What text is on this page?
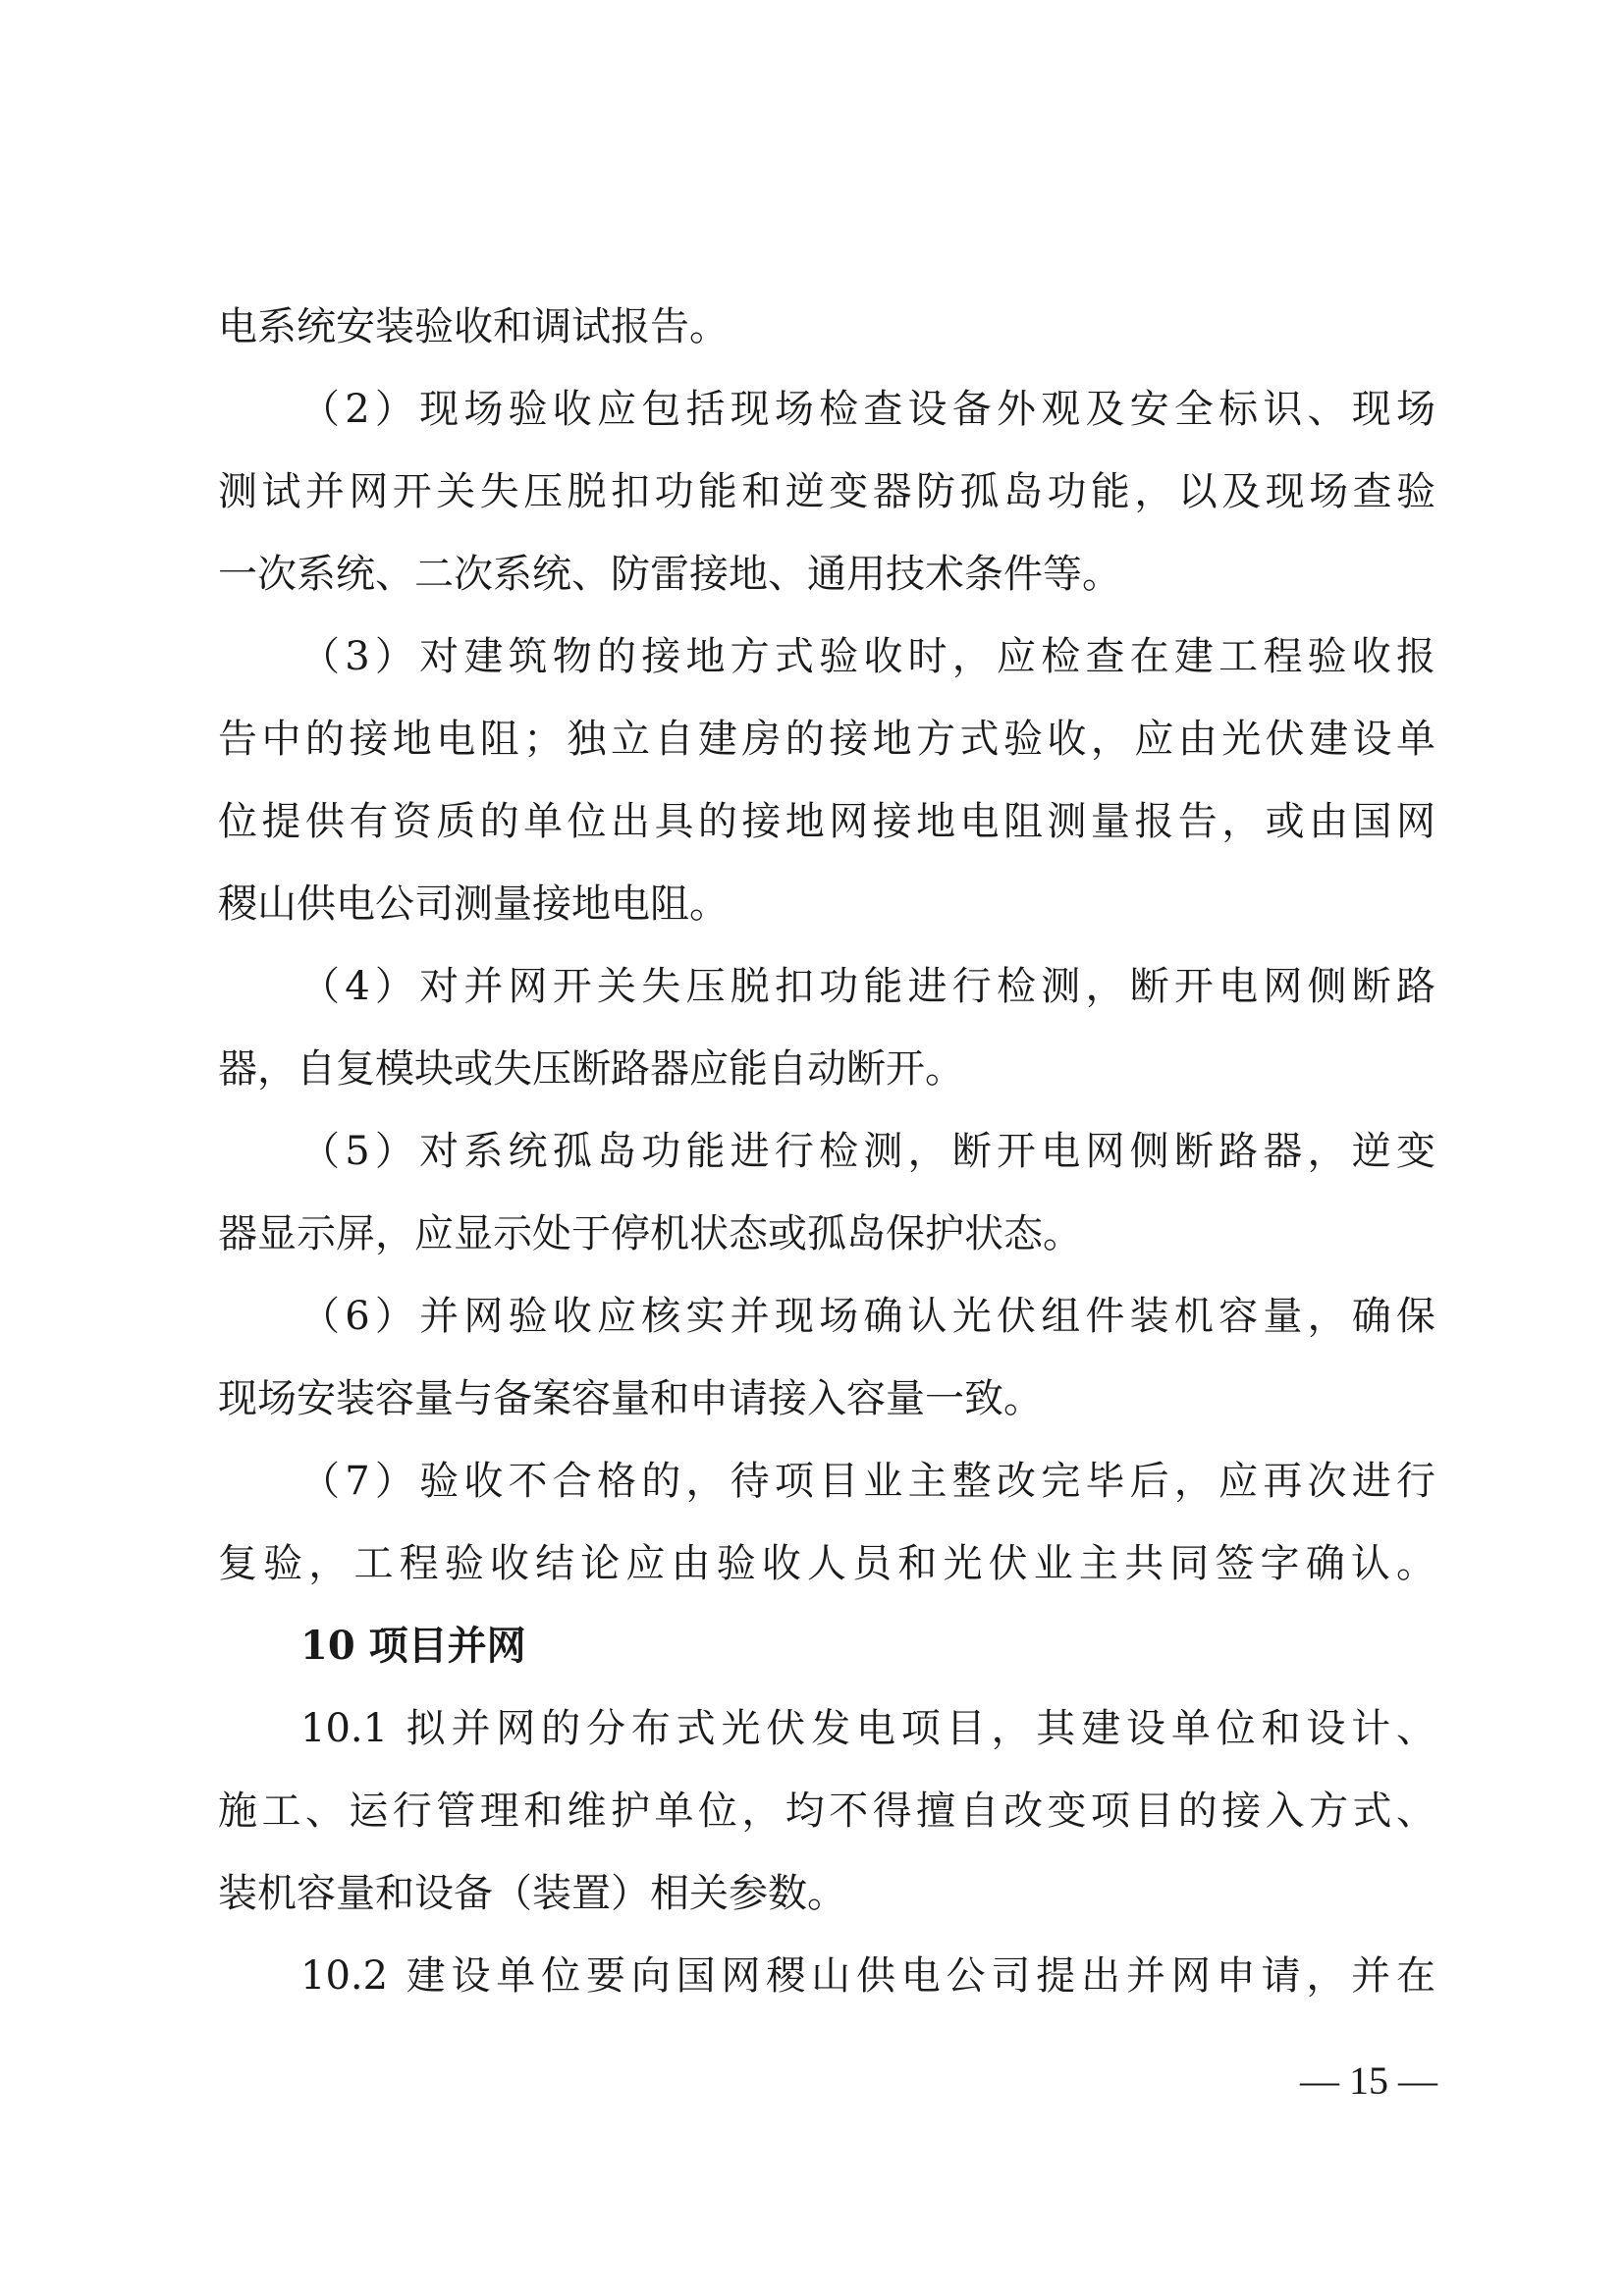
电系统安装验收和调试报告。
（2）现场验收应包括现场检查设备外观及安全标识、现场
测试并网开关失压脱扣功能和逆变器防孤岛功能，以及现场查验
一次系统、二次系统、防雷接地、通用技术条件等。
（3）对建筑物的接地方式验收时，应检查在建工程验收报
告中的接地电阻；独立自建房的接地方式验收，应由光伏建设单
位提供有资质的单位出具的接地网接地电阻测量报告，或由国网
稷山供电公司测量接地电阻。
（4）对并网开关失压脱扣功能进行检测，断开电网侧断路
器，自复模块或失压断路器应能自动断开。
（5）对系统孤岛功能进行检测，断开电网侧断路器，逆变
器显示屏，应显示处于停机状态或孤岛保护状态。
（6）并网验收应核实并现场确认光伏组件装机容量，确保
现场安装容量与备案容量和申请接入容量一致。
（7）验收不合格的，待项目业主整改完毕后，应再次进行
复验，工程验收结论应由验收人员和光伏业主共同签字确认。
10 项目并网
10.1 拟并网的分布式光伏发电项目，其建设单位和设计、
施工、运行管理和维护单位，均不得擅自改变项目的接入方式、
装机容量和设备（装置）相关参数。
10.2 建设单位要向国网稷山供电公司提出并网申请，并在
— 15 —
